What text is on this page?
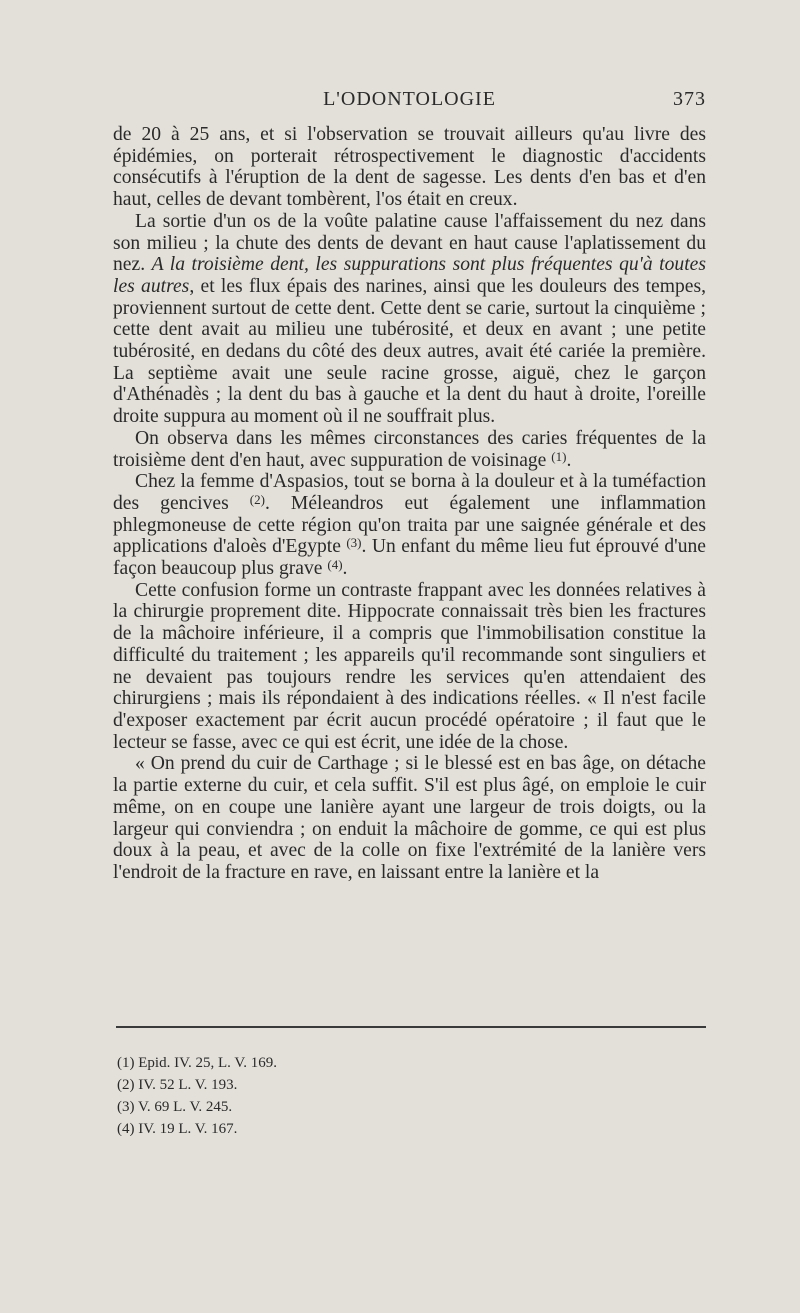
L'ODONTOLOGIE	373

de 20 à 25 ans, et si l'observation se trouvait ailleurs qu'au livre des épidémies, on porterait rétrospectivement le diagnostic d'accidents consécutifs à l'éruption de la dent de sagesse. Les dents d'en bas et d'en haut, celles de devant tombèrent, l'os était en creux.

La sortie d'un os de la voûte palatine cause l'affaissement du nez dans son milieu ; la chute des dents de devant en haut cause l'aplatissement du nez. A la troisième dent, les suppurations sont plus fréquentes qu'à toutes les autres, et les flux épais des narines, ainsi que les douleurs des tempes, proviennent surtout de cette dent. Cette dent se carie, surtout la cinquième ; cette dent avait au milieu une tubérosité, et deux en avant ; une petite tubérosité, en dedans du côté des deux autres, avait été cariée la première. La septième avait une seule racine grosse, aiguë, chez le garçon d'Athénadès ; la dent du bas à gauche et la dent du haut à droite, l'oreille droite suppura au moment où il ne souffrait plus.

On observa dans les mêmes circonstances des caries fréquentes de la troisième dent d'en haut, avec suppuration de voisinage $^{(1)}$.

Chez la femme d'Aspasios, tout se borna à la douleur et à la tuméfaction des gencives $^{(2)}$. Méleandros eut également une inflammation phlegmoneuse de cette région qu'on traita par une saignée générale et des applications d'aloès d'Egypte $^{(3)}$. Un enfant du même lieu fut éprouvé d'une façon beaucoup plus grave $^{(4)}$.

Cette confusion forme un contraste frappant avec les données relatives à la chirurgie proprement dite. Hippocrate connaissait très bien les fractures de la mâchoire inférieure, il a compris que l'immobilisation constitue la difficulté du traitement ; les appareils qu'il recommande sont singuliers et ne devaient pas toujours rendre les services qu'en attendaient des chirurgiens ; mais ils répondaient à des indications réelles. « Il n'est facile d'exposer exactement par écrit aucun procédé opératoire ; il faut que le lecteur se fasse, avec ce qui est écrit, une idée de la chose.

« On prend du cuir de Carthage ; si le blessé est en bas âge, on détache la partie externe du cuir, et cela suffit. S'il est plus âgé, on emploie le cuir même, on en coupe une lanière ayant une largeur de trois doigts, ou la largeur qui conviendra ; on enduit la mâchoire de gomme, ce qui est plus doux à la peau, et avec de la colle on fixe l'extrémité de la lanière vers l'endroit de la fracture en rave, en laissant entre la lanière et la

(1) Epid. IV. 25, L. V. 169.
(2) IV. 52 L. V. 193.
(3) V. 69 L. V. 245.
(4) IV. 19 L. V. 167.
